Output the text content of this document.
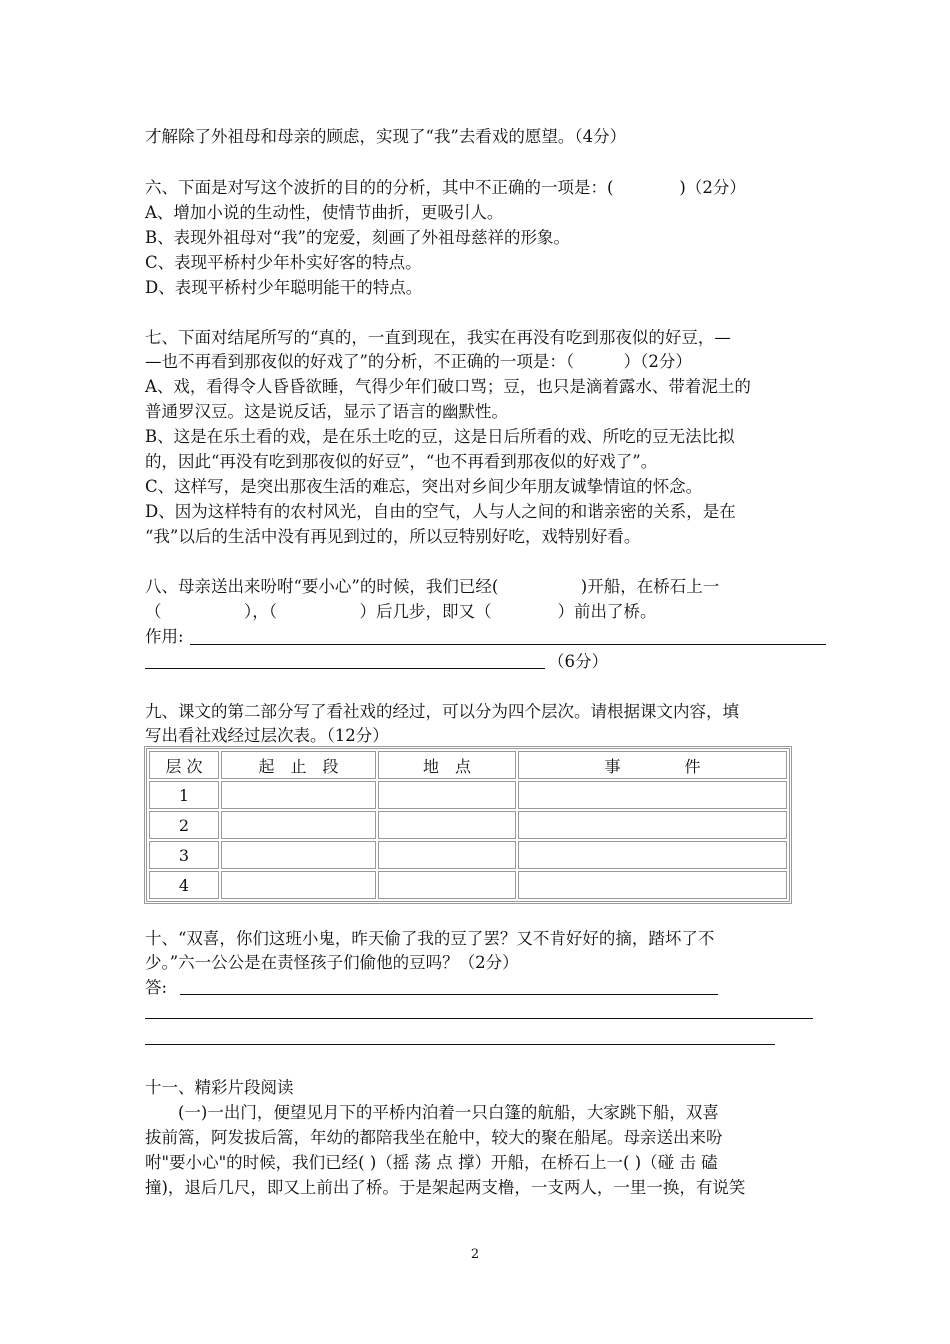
才解除了外祖母和母亲的顾虑，实现了“我”去看戏的愿望。（4分）
六、下面是对写这个波折的目的的分析，其中不正确的一项是：(　　　　)（2分）
A、增加小说的生动性，使情节曲折，更吸引人。
B、表现外祖母对“我”的宠爱，刻画了外祖母慈祥的形象。
C、表现平桥村少年朴实好客的特点。
D、表现平桥村少年聪明能干的特点。
七、下面对结尾所写的“真的，一直到现在，我实在再没有吃到那夜似的好豆，—
—也不再看到那夜似的好戏了”的分析，不正确的一项是：（　　　）（2分）
A、戏，看得令人昏昏欲睡，气得少年们破口骂；豆，也只是滴着露水、带着泥土的
普通罗汉豆。这是说反话，显示了语言的幽默性。
B、这是在乐土看的戏，是在乐土吃的豆，这是日后所看的戏、所吃的豆无法比拟
的，因此“再没有吃到那夜似的好豆”，“也不再看到那夜似的好戏了”。
C、这样写，是突出那夜生活的难忘，突出对乡间少年朋友诚挚情谊的怀念。
D、因为这样特有的农村风光，自由的空气，人与人之间的和谐亲密的关系，是在
“我”以后的生活中没有再见到过的，所以豆特别好吃，戏特别好看。
八、母亲送出来吩咐“要小心”的时候，我们已经(　　　　　)开船，在桥石上一
（　　　　　），（　　　　　）后几步，即又（　　　　）前出了桥。
作用:
（6分）
九、课文的第二部分写了看社戏的经过，可以分为四个层次。请根据课文内容，填
写出看社戏经过层次表。（12分）
层 次	起　止　段	地　点	事　　　　件
1			
2			
3			
4			
十、“双喜，你们这班小鬼，昨天偷了我的豆了罢？又不肯好好的摘，踏坏了不
少。”六一公公是在责怪孩子们偷他的豆吗？（2分）
答:
十一、精彩片段阅读
(一)一出门，便望见月下的平桥内泊着一只白篷的航船，大家跳下船，双喜
拔前篙，阿发拔后篙，年幼的都陪我坐在舱中，较大的聚在船尾。母亲送出来吩
咐"要小心"的时候，我们已经( )（摇 荡 点 撑）开船，在桥石上一( )（碰 击 磕
撞)，退后几尺，即又上前出了桥。于是架起两支橹，一支两人，一里一换，有说笑
2
